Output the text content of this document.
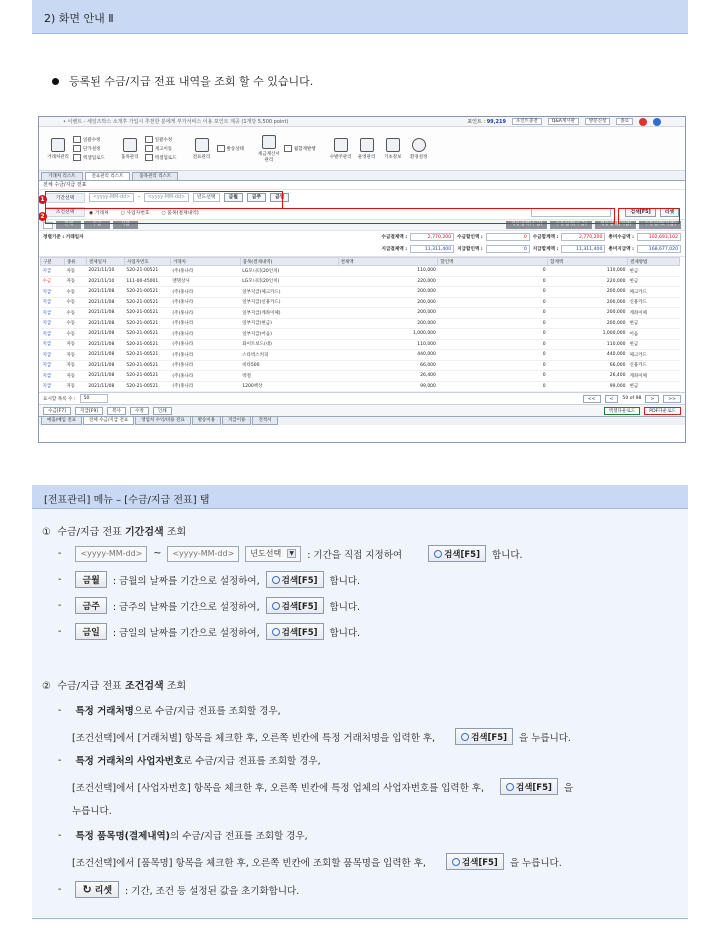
2) 화면 안내 Ⅱ
등록된 수금/지급 전표 내역을 조회 할 수 있습니다.
• 이벤트 - 세일즈박스 소개후 가입시 추천한 분에게 부가서비스 이용 포인트 제공 (1개당 5,500 point)	포인트 : 99,219	포인트충전	Q&A게시판	방문신청	종료
거래처관리
일괄수정
단가설정
엑셀업로드	품목관리
일괄수정
재고이동
엑셀업로드	전표관리
발송상태
세금계산서관리
월합계발행
수발주관리 운영관리 기초정보 환경설정
거래처 리스트	전표관리 리스트	품목관리 리스트
전체 수금/지급 전표
기간선택	<yyyy-MM-dd>	-	<yyyy-MM-dd>	년도선택	금월	금주	금일
조건선택	◉ 거래처	○ 사업자번호	○ 품목(결제내역)	검색[F5]	리셋
전체	수금	지급	제동업력(수금)	수동입력(수금)	제동업력(지급)	수동입력(지급)
정렬기준 : 거래일자	수금결제액 :	2,770,200	수금할인액 :	0	수금합계액 :	2,770,200	총미수금액 :	102,693,102
지급결제액 :	11,311,400	지급할인액 :	0	지급합계액 :	11,311,400	총미지급액 :	168,677,020
구분	종류	결제일자	사업자번호	거래처	품목(결제내역)	결제액	할인액	합계액	결제방법
지급	자동	2021/11/10	520-21-00521	(주)홍나라	LG모니터(20인치)	110,000	0	110,000	현금
수금	자동	2021/11/10	111-00-45001	맨명상사	LG모니터(20인치)	220,000	0	220,000	현금
지급	수동	2021/11/08	520-21-00521	(주)홍나라	일부지급(체크카드)	200,000	0	200,000	체크카드
지급	수동	2021/11/08	520-21-00521	(주)홍나라	일부지급(신용카드)	200,000	0	200,000	신용카드
지급	수동	2021/11/08	520-21-00521	(주)홍나라	일부지급(계좌이체)	200,000	0	200,000	계좌이체
지급	수동	2021/11/08	520-21-00521	(주)홍나라	일부지급(현금)	200,000	0	200,000	현금
지급	수동	2021/11/08	520-21-00521	(주)홍나라	일부지급(어음)	1,000,000	0	1,000,000	어음
지급	자동	2021/11/08	520-21-00521	(주)홍나라	화이트보드(대)	110,000	0	110,000	현금
지급	자동	2021/11/08	520-21-00521	(주)홍나라	스타벅스커피	440,000	0	440,000	체크카드
지급	자동	2021/11/08	520-21-00521	(주)홍나라	비타500	66,000	0	66,000	신용카드
지급	자동	2021/11/08	520-21-00521	(주)홍나라	박철	26,400	0	26,400	계좌이체
지급	자동	2021/11/08	520-21-00521	(주)홍나라	1200책상	99,000	0	99,000	현금
표시할 목록 수 :	50	<<	<	50 of 98	>	>>
수금[F7]	지급[F9]	복사	수정	인쇄	엑셀다운로드	PDF다운로드
매출/매입 전표	전체 수금/지급 전표	영업처 수익/비용 전표	발송이용	지급이용	견적서
1
2
[전표관리] 메뉴 – [수금/지급 전표] 탭
① 수금/지급 전표 기간검색 조회
-	<yyyy-MM-dd>	~	<yyyy-MM-dd>	년도선택	▼ : 기간을 직접 지정하여	검색[F5] 합니다.
-	금월	: 금월의 날짜를 기간으로 설정하여,	검색[F5] 합니다.
-	금주	: 금주의 날짜를 기간으로 설정하여,	검색[F5] 합니다.
-	금일	: 금일의 날짜를 기간으로 설정하여,	검색[F5] 합니다.
② 수금/지급 전표 조건검색 조회
- 특정 거래처명 으로 수금/지급 전표를 조회할 경우,
[조건선택]에서 [거래처별] 항목을 체크한 후, 오른쪽 빈칸에 특정 거래처명을 입력한 후,	검색[F5] 을 누릅니다.
- 특정 거래처의 사업자번호 로 수금/지급 전표를 조회할 경우,
[조건선택]에서 [사업자번호] 항목을 체크한 후, 오른쪽 빈칸에 특정 업체의 사업자번호를 입력한 후,	검색[F5] 을
누릅니다.
- 특정 품목명(결제내역) 의 수금/지급 전표를 조회할 경우,
[조건선택]에서 [품목명] 항목을 체크한 후, 오른쪽 빈칸에 조회할 품목명을 입력한 후,	검색[F5] 을 누릅니다.
- ↻ 리셋 : 기간, 조건 등 설정된 값을 초기화합니다.
